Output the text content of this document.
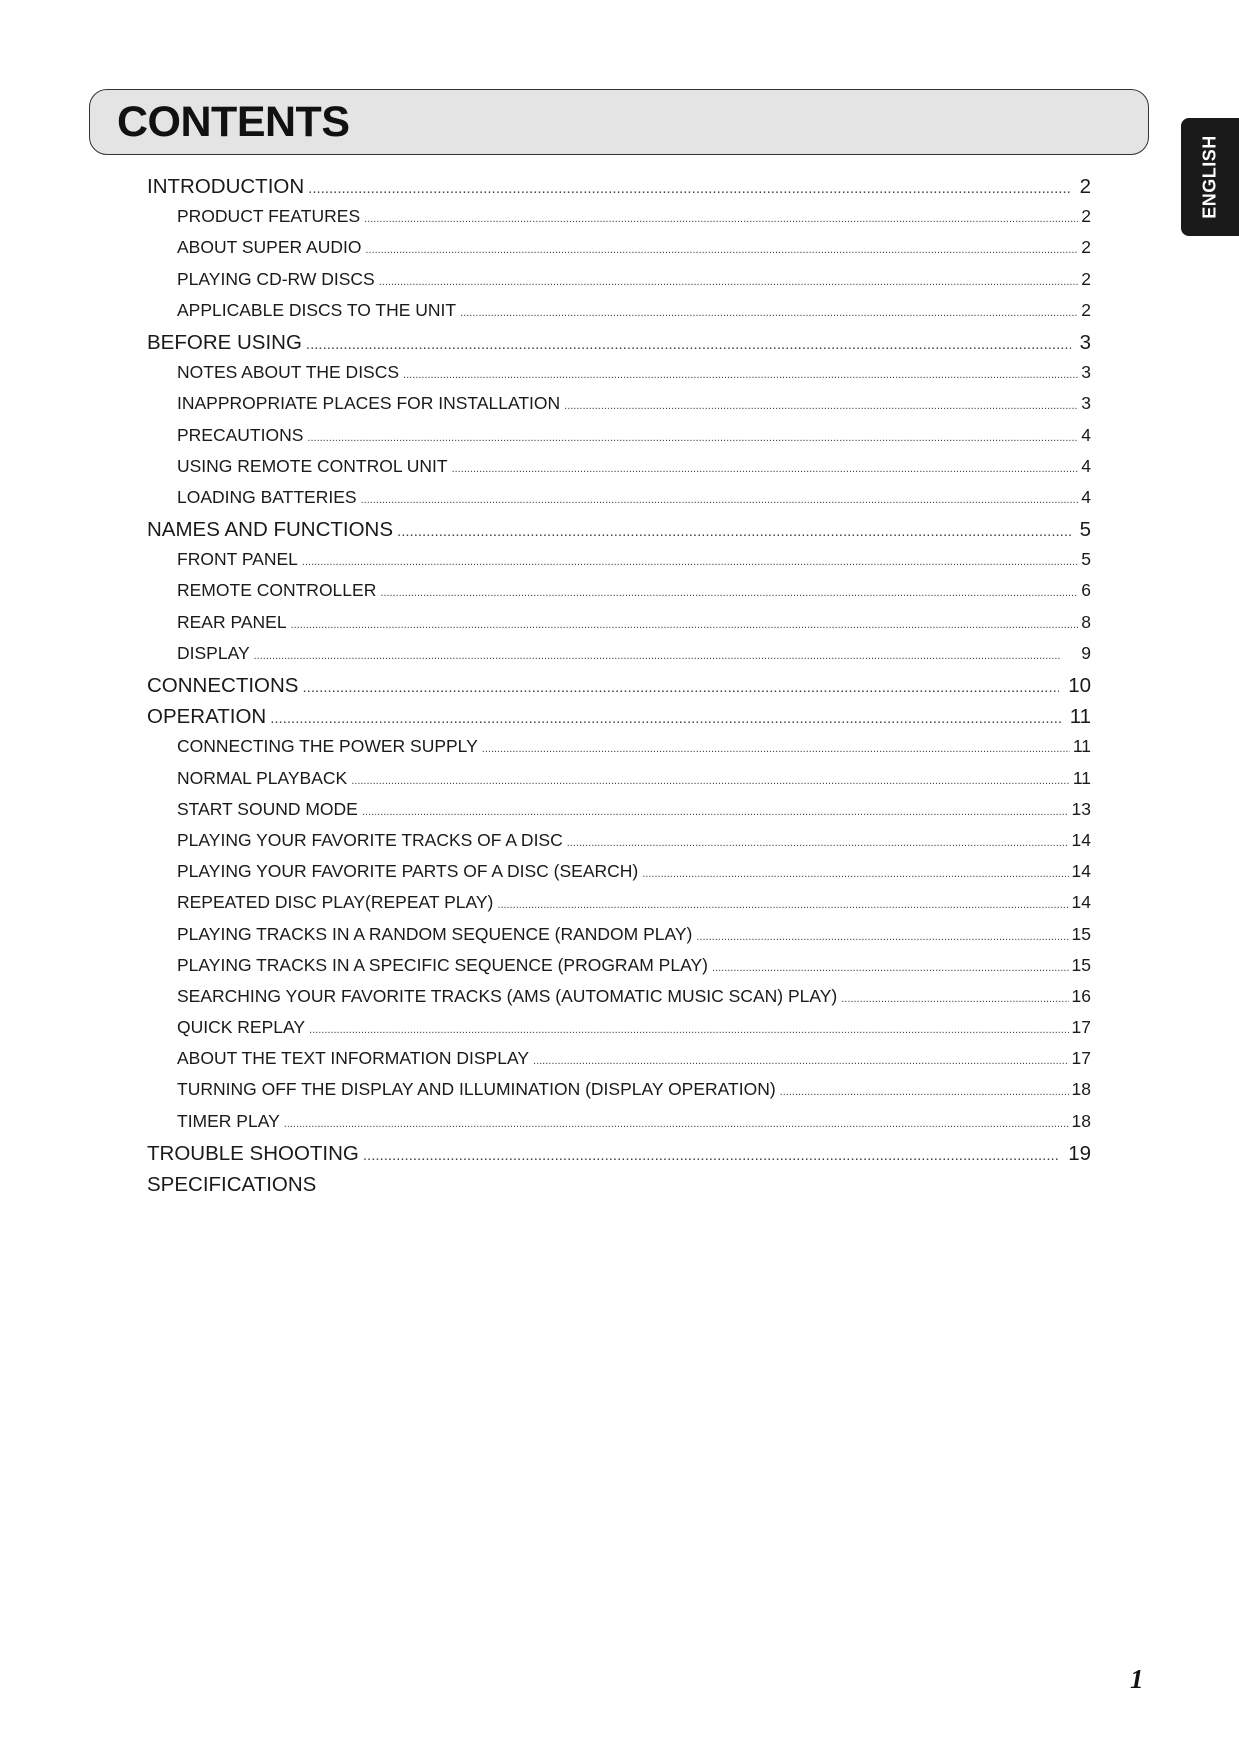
CONTENTS
ENGLISH
INTRODUCTION .....	2
PRODUCT FEATURES .....	2
ABOUT SUPER AUDIO .....	2
PLAYING CD-RW DISCS .....	2
APPLICABLE DISCS TO THE UNIT .....	2
BEFORE USING .....	3
NOTES ABOUT THE DISCS .....	3
INAPPROPRIATE PLACES FOR INSTALLATION .....	3
PRECAUTIONS .....	4
USING REMOTE CONTROL UNIT .....	4
LOADING BATTERIES .....	4
NAMES AND FUNCTIONS .....	5
FRONT PANEL .....	5
REMOTE CONTROLLER .....	6
REAR PANEL .....	8
DISPLAY .....	9
CONNECTIONS .....	10
OPERATION .....	11
CONNECTING THE POWER SUPPLY .....	11
NORMAL PLAYBACK .....	11
START SOUND MODE .....	13
PLAYING YOUR FAVORITE TRACKS OF A DISC .....	14
PLAYING YOUR FAVORITE PARTS OF A DISC (SEARCH) .....	14
REPEATED DISC PLAY(REPEAT PLAY) .....	14
PLAYING TRACKS IN A RANDOM SEQUENCE (RANDOM PLAY) .....	15
PLAYING TRACKS IN A SPECIFIC SEQUENCE (PROGRAM PLAY) .....	15
SEARCHING YOUR FAVORITE TRACKS (AMS (AUTOMATIC MUSIC SCAN) PLAY) .....	16
QUICK REPLAY .....	17
ABOUT THE TEXT INFORMATION DISPLAY .....	17
TURNING OFF THE DISPLAY AND ILLUMINATION (DISPLAY OPERATION) .....	18
TIMER PLAY .....	18
TROUBLE SHOOTING .....	19
SPECIFICATIONS
1
